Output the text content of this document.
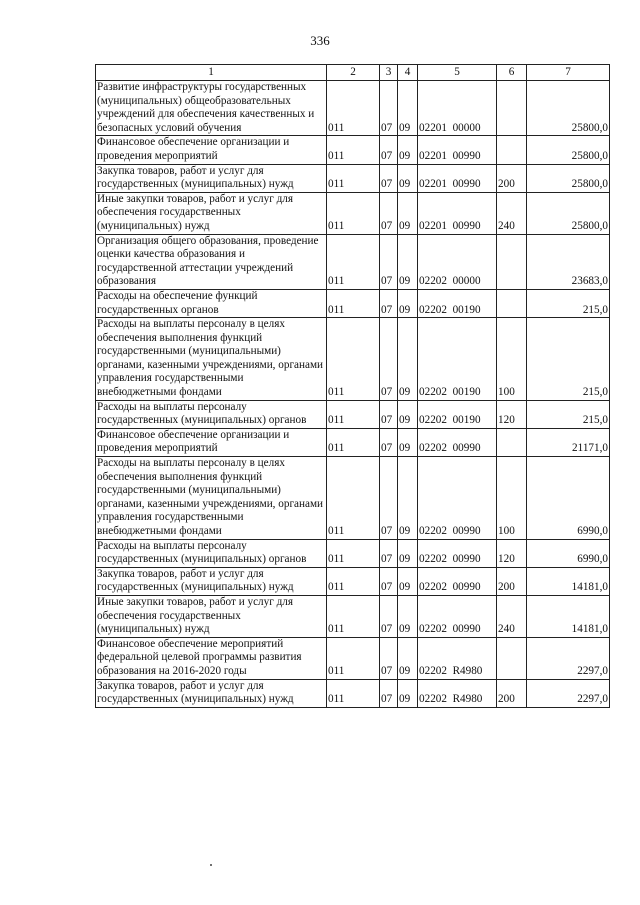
336
1	2	3	4	5	6	7
Развитие инфраструктуры государственных (муниципальных) общеобразовательных учреждений для обеспечения качественных и безопасных условий обучения	011	07	09	02201  00000		25800,0
Финансовое обеспечение организации и проведения мероприятий	011	07	09	02201  00990		25800,0
Закупка товаров, работ и услуг для государственных (муниципальных) нужд	011	07	09	02201  00990	200	25800,0
Иные закупки товаров, работ и услуг для обеспечения государственных (муниципальных) нужд	011	07	09	02201  00990	240	25800,0
Организация общего образования, проведение оценки качества образования и государственной аттестации учреждений образования	011	07	09	02202  00000		23683,0
Расходы на обеспечение функций государственных органов	011	07	09	02202  00190		215,0
Расходы на выплаты персоналу в целях обеспечения выполнения функций государственными (муниципальными) органами, казенными учреждениями, органами управления государственными внебюджетными фондами	011	07	09	02202  00190	100	215,0
Расходы на выплаты персоналу государственных (муниципальных) органов	011	07	09	02202  00190	120	215,0
Финансовое обеспечение организации и проведения мероприятий	011	07	09	02202  00990		21171,0
Расходы на выплаты персоналу в целях обеспечения выполнения функций государственными (муниципальными) органами, казенными учреждениями, органами управления государственными внебюджетными фондами	011	07	09	02202  00990	100	6990,0
Расходы на выплаты персоналу государственных (муниципальных) органов	011	07	09	02202  00990	120	6990,0
Закупка товаров, работ и услуг для государственных (муниципальных) нужд	011	07	09	02202  00990	200	14181,0
Иные закупки товаров, работ и услуг для обеспечения государственных (муниципальных) нужд	011	07	09	02202  00990	240	14181,0
Финансовое обеспечение мероприятий федеральной целевой программы развития образования на 2016-2020 годы	011	07	09	02202  R4980		2297,0
Закупка товаров, работ и услуг для государственных (муниципальных) нужд	011	07	09	02202  R4980	200	2297,0
